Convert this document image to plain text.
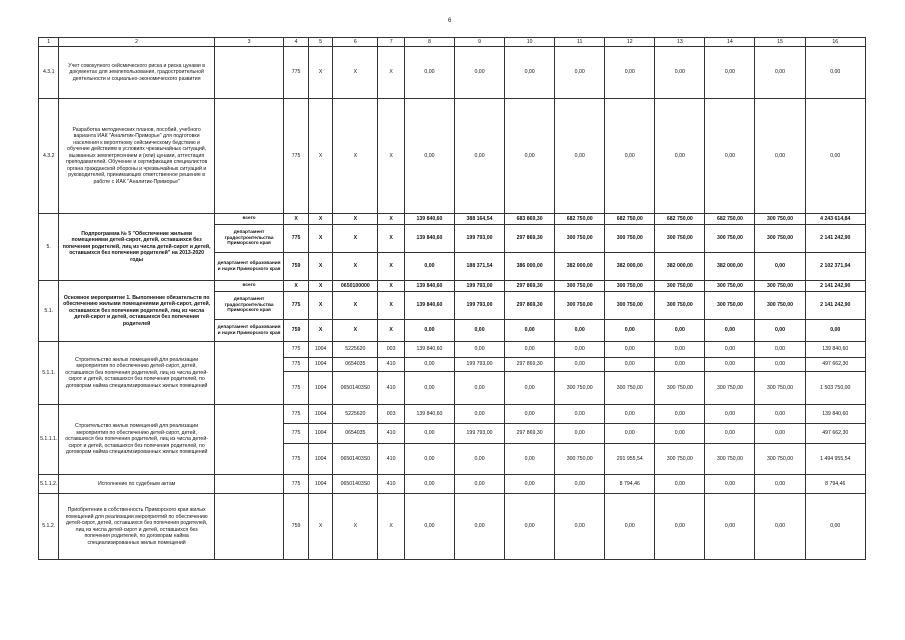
6
1	2	3	4	5	6	7	8	9	10	11	12	13	14	15	16
4.3.1	Учет совокупного сейсмического риска и риска цунами в документах для землепользования, градостроительной деятельности и социально-экономического развития		775	Х	Х	Х	0,00	0,00	0,00	0,00	0,00	0,00	0,00	0,00	0,00
4.3.2	Разработка методических планов, пособий, учебного варианта ИАК "Аналитик-Приморье" для подготовки населения к вероятному сейсмическому бедствию и обучение действиям в условиях чрезвычайных ситуаций, вызванных землетрясением и (или) цунами, аттестация преподавателей. Обучение и сертификация специалистов органа гражданской обороны и чрезвычайных ситуаций и руководителей, принимающих ответственное решение в работе с ИАК "Аналитик-Приморье"		775	Х	Х	Х	0,00	0,00	0,00	0,00	0,00	0,00	0,00	0,00	0,00
5.	Подпрограмма № 5 "Обеспечение жилыми помещениями детей-сирот, детей, оставшихся без попечения родителей, лиц из числа детей-сирот и детей, оставшихся без попечения родителей" на 2013-2020 годы	всего	Х	Х	Х	Х	139 840,60	388 164,54	683 869,30	682 750,00	682 750,00	682 750,00	682 750,00	300 750,00	4 243 614,84
		департамент градостроительства Приморского края	775	Х	Х	Х	139 840,60	199 793,00	297 869,30	300 750,00	300 750,00	300 750,00	300 750,00	300 750,00	2 141 242,90
		департамент образования и науки Приморского края	759	Х	Х	Х	0,00	188 371,54	386 000,00	382 000,00	382 000,00	382 000,00	382 000,00	0,00	2 102 371,94
5.1.	Основное мероприятие 1. Выполнение обязательств по обеспечению жилыми помещениями детей-сирот, детей, оставшихся без попечения родителей, лиц из числа детей-сирот и детей, оставшихся без попечения родителей	всего	Х	Х	0650100000	Х	139 840,60	199 793,00	297 869,30	300 750,00	300 750,00	300 750,00	300 750,00	300 750,00	2 141 242,90
		департамент градостроительства Приморского края	775	Х	Х	Х	139 840,60	199 793,00	297 869,30	300 750,00	300 750,00	300 750,00	300 750,00	300 750,00	2 141 242,90
		департамент образования и науки Приморского края	759	Х	Х	Х	0,00	0,00	0,00	0,00	0,00	0,00	0,00	0,00	0,00
5.1.1.	Строительство жилых помещений для реализации мероприятия по обеспечению детей-сирот, детей, оставшихся без попечения родителей, лиц из числа детей-сирот и детей, оставшихся без попечения родителей, по договорам найма специализированных жилых помещений		775	1004	5225620	003	139 840,60	0,00	0,00	0,00	0,00	0,00	0,00	0,00	139 840,60
			775	1004	0654035	410	0,00	199 793,00	297 869,30	0,00	0,00	0,00	0,00	0,00	497 662,30
			775	1004	06501403S0	410	0,00	0,00	0,00	300 750,00	300 750,00	300 750,00	300 750,00	300 750,00	1 503 750,00
5.1.1.1.	Строительство жилых помещений для реализации мероприятия по обеспечению детей-сирот, детей, оставшихся без попечения родителей, лиц из числа детей-сирот и детей, оставшихся без попечения родителей, по договорам найма специализированных жилых помещений		775	1004	5225620	003	139 840,60	0,00	0,00	0,00	0,00	0,00	0,00	0,00	139 840,60
			775	1004	0654035	410	0,00	199 793,00	297 869,30	0,00	0,00	0,00	0,00	0,00	497 662,30
			775	1004	06501403S0	410	0,00	0,00	0,00	300 750,00	291 955,54	300 750,00	300 750,00	300 750,00	1 494 955,54
5.1.1.2.	Исполнение по судебным актам		775	1004	06501403S0	410	0,00	0,00	0,00	0,00	8 794,46	0,00	0,00	0,00	8 794,46
5.1.2.	Приобретение в собственность Приморского края жилых помещений для реализации мероприятий по обеспечению детей-сирот, детей, оставшихся без попечения родителей, лиц из числа детей-сирот и детей, оставшихся без попечения родителей, по договорам найма специализированных жилых помещений		759	Х	Х	Х	0,00	0,00	0,00	0,00	0,00	0,00	0,00	0,00	0,00
